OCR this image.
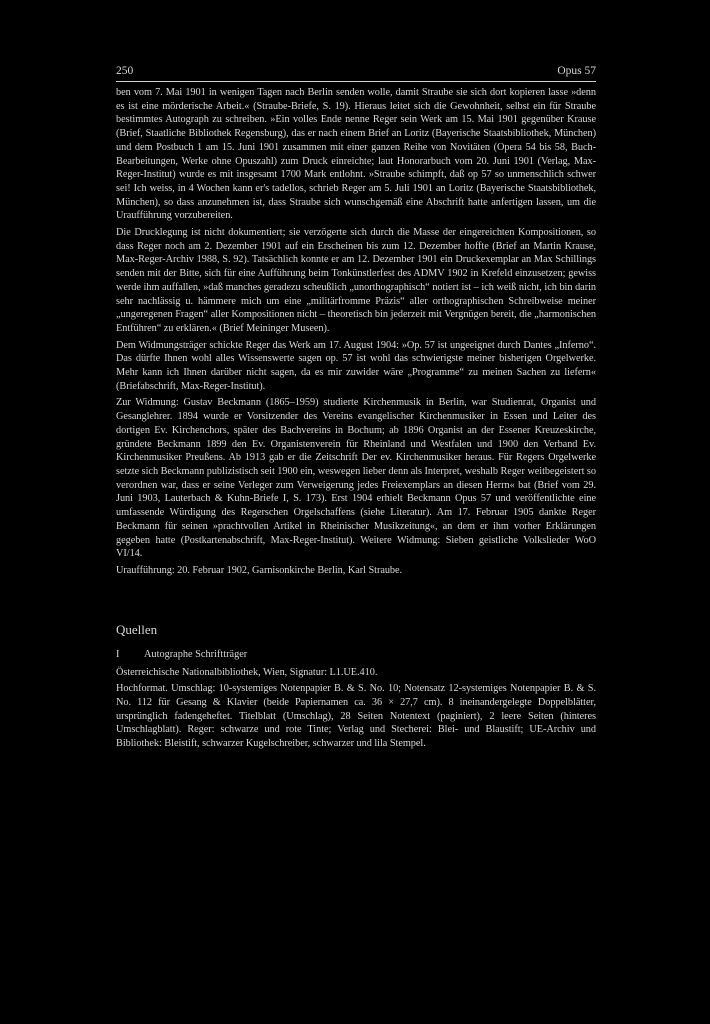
250	Opus 57

ben vom 7. Mai 1901 in wenigen Tagen nach Berlin senden wolle, damit Straube sie sich dort kopieren lasse »denn es ist eine mörderische Arbeit.« (Straube-Briefe, S. 19). Hieraus leitet sich die Gewohnheit, selbst ein für Straube bestimmtes Autograph zu schreiben. »Ein volles Ende nenne Reger sein Werk am 15. Mai 1901 gegenüber Krause (Brief, Staatliche Bibliothek Regensburg), das er nach einem Brief an Loritz (Bayerische Staatsbibliothek, München) und dem Postbuch 1 am 15. Juni 1901 zusammen mit einer ganzen Reihe von Novitäten (Opera 54 bis 58, Buch-Bearbeitungen, Werke ohne Opuszahl) zum Druck einreichte; laut Honorarbuch vom 20. Juni 1901 (Verlag, Max-Reger-Institut) wurde es mit insgesamt 1700 Mark entlohnt. »Straube schimpft, daß op 57 so unmenschlich schwer sei! Ich weiss, in 4 Wochen kann er's tadellos, schrieb Reger am 5. Juli 1901 an Loritz (Bayerische Staatsbibliothek, München), so dass anzunehmen ist, dass Straube sich wunschgemäß eine Abschrift hatte anfertigen lassen, um die Uraufführung vorzubereiten.

Die Drucklegung ist nicht dokumentiert; sie verzögerte sich durch die Masse der eingereichten Kompositionen, so dass Reger noch am 2. Dezember 1901 auf ein Erscheinen bis zum 12. Dezember hoffte (Brief an Martin Krause, Max-Reger-Archiv 1988, S. 92). Tatsächlich konnte er am 12. Dezember 1901 ein Druckexemplar an Max Schillings senden mit der Bitte, sich für eine Aufführung beim Tonkünstlerfest des ADMV 1902 in Krefeld einzusetzen; gewiss werde ihm auffallen, »daß manches geradezu scheußlich „unorthographisch“ notiert ist – ich weiß nicht, ich bin darin sehr nachlässig u. hämmere mich um eine „militärfromme Präzis“ aller orthographischen Schreibweise meiner „ungeregenen Fragen“ aller Kompositionen nicht – theoretisch bin jederzeit mit Vergnügen bereit, die „harmonischen Entführen“ zu erklären.« (Brief Meininger Museen).

Dem Widmungsträger schickte Reger das Werk am 17. August 1904: »Op. 57 ist ungeeignet durch Dantes „Inferno“. Das dürfte Ihnen wohl alles Wissenswerte sagen op. 57 ist wohl das schwierigste meiner bisherigen Orgelwerke. Mehr kann ich Ihnen darüber nicht sagen, da es mir zuwider wäre „Programme“ zu meinen Sachen zu liefern« (Briefabschrift, Max-Reger-Institut).

Zur Widmung: Gustav Beckmann (1865–1959) studierte Kirchenmusik in Berlin, war Studienrat, Organist und Gesanglehrer. 1894 wurde er Vorsitzender des Vereins evangelischer Kirchenmusiker in Essen und Leiter des dortigen Ev. Kirchenchors, später des Bachvereins in Bochum; ab 1896 Organist an der Essener Kreuzeskirche, gründete Beckmann 1899 den Ev. Organistenverein für Rheinland und Westfalen und 1900 den Verband Ev. Kirchenmusiker Preußens. Ab 1913 gab er die Zeitschrift Der ev. Kirchenmusiker heraus. Für Regers Orgelwerke setzte sich Beckmann publizistisch seit 1900 ein, weswegen lieber denn als Interpret, weshalb Reger weitbegeistert so verordnen war, dass er seine Verleger zum Verweigerung jedes Freiexemplars an diesen Herrn« bat (Brief vom 29. Juni 1903, Lauterbach & Kuhn-Briefe I, S. 173). Erst 1904 erhielt Beckmann Opus 57 und veröffentlichte eine umfassende Würdigung des Regerschen Orgelschaffens (siehe Literatur). Am 17. Februar 1905 dankte Reger Beckmann für seinen »prachtvollen Artikel in Rheinischer Musikzeitung«, an dem er ihm vorher Erklärungen gegeben hatte (Postkartenabschrift, Max-Reger-Institut). Weitere Widmung: Sieben geistliche Volkslieder WoO VI/14.

Uraufführung: 20. Februar 1902, Garnisonkirche Berlin, Karl Straube.

Quellen
I	Autographe Schriftträger

Österreichische Nationalbibliothek, Wien, Signatur: L1.UE.410.

Hochformat. Umschlag: 10-systemiges Notenpapier B. & S. No. 10; Notensatz 12-systemiges Notenpapier B. & S. No. 112 für Gesang & Klavier (beide Papiernamen ca. 36 × 27,7 cm). 8 ineinandergelegte Doppelblätter, ursprünglich fadengeheftet. Titelblatt (Umschlag), 28 Seiten Notentext (paginiert), 2 leere Seiten (hinteres Umschlagblatt). Reger: schwarze und rote Tinte; Verlag und Stecherei: Blei- und Blaustift; UE-Archiv und Bibliothek: Bleistift, schwarzer Kugelschreiber, schwarzer und lila Stempel.
